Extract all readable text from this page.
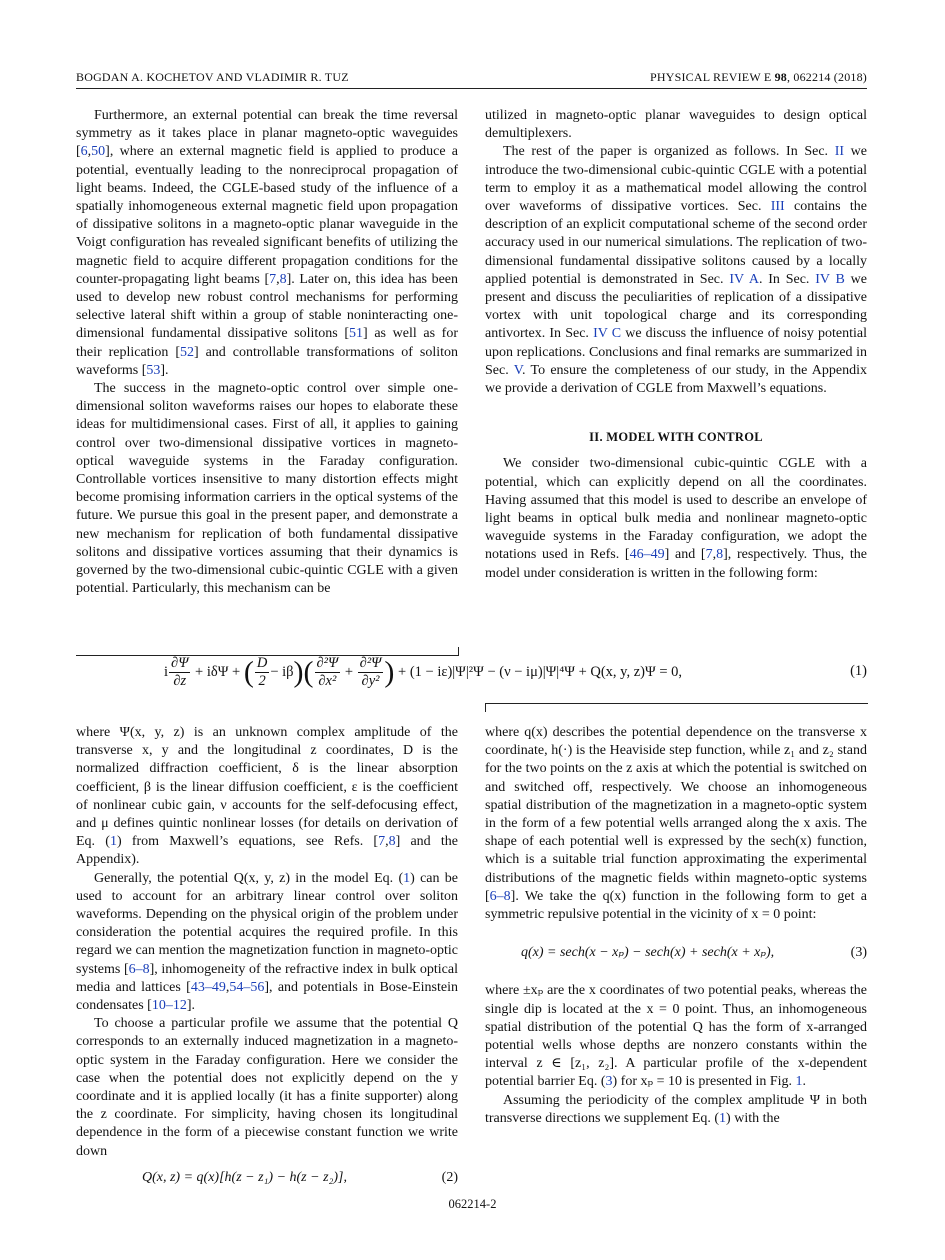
BOGDAN A. KOCHETOV AND VLADIMIR R. TUZ	PHYSICAL REVIEW E 98, 062214 (2018)

Furthermore, an external potential can break the time reversal symmetry as it takes place in planar magneto-optic waveguides [6,50], where an external magnetic field is applied to produce a potential, eventually leading to the nonreciprocal propagation of light beams. Indeed, the CGLE-based study of the influence of a spatially inhomogeneous external magnetic field upon propagation of dissipative solitons in a magneto-optic planar waveguide in the Voigt configuration has revealed significant benefits of utilizing the magnetic field to acquire different propagation conditions for the counter-propagating light beams [7,8]. Later on, this idea has been used to develop new robust control mechanisms for performing selective lateral shift within a group of stable noninteracting one-dimensional fundamental dissipative solitons [51] as well as for their replication [52] and controllable transformations of soliton waveforms [53].

The success in the magneto-optic control over simple one-dimensional soliton waveforms raises our hopes to elaborate these ideas for multidimensional cases. First of all, it applies to gaining control over two-dimensional dissipative vortices in magneto-optical waveguide systems in the Faraday configuration. Controllable vortices insensitive to many distortion effects might become promising information carriers in the optical systems of the future. We pursue this goal in the present paper, and demonstrate a new mechanism for replication of both fundamental dissipative solitons and dissipative vortices assuming that their dynamics is governed by the two-dimensional cubic-quintic CGLE with a given potential. Particularly, this mechanism can be

utilized in magneto-optic planar waveguides to design optical demultiplexers.

The rest of the paper is organized as follows. In Sec. II we introduce the two-dimensional cubic-quintic CGLE with a potential term to employ it as a mathematical model allowing the control over waveforms of dissipative vortices. Sec. III contains the description of an explicit computational scheme of the second order accuracy used in our numerical simulations. The replication of two-dimensional fundamental dissipative solitons caused by a locally applied potential is demonstrated in Sec. IV A. In Sec. IV B we present and discuss the peculiarities of replication of a dissipative vortex with unit topological charge and its corresponding antivortex. In Sec. IV C we discuss the influence of noisy potential upon replications. Conclusions and final remarks are summarized in Sec. V. To ensure the completeness of our study, in the Appendix we provide a derivation of CGLE from Maxwell’s equations.

II. MODEL WITH CONTROL

We consider two-dimensional cubic-quintic CGLE with a potential, which can explicitly depend on all the coordinates. Having assumed that this model is used to describe an envelope of light beams in optical bulk media and nonlinear magneto-optic waveguide systems in the Faraday configuration, we adopt the notations used in Refs. [46–49] and [7,8], respectively. Thus, the model under consideration is written in the following form:

i $\frac{\partial\Psi}{\partial z} + i\delta\Psi$ + ( $\frac{D}{2} - i\beta)( \frac{\text{∂²Ψ}}{\text{∂x²}} + \frac{\text{∂²Ψ}}{\text{∂y²}}$ ) + (1 − iε)|Ψ|²Ψ − (ν − iμ)|Ψ|⁴Ψ + Q(x, y, z)Ψ = 0,	(1)

where Ψ(x, y, z) is an unknown complex amplitude of the transverse x, y and the longitudinal z coordinates, D is the normalized diffraction coefficient, δ is the linear absorption coefficient, β is the linear diffusion coefficient, ε is the coefficient of nonlinear cubic gain, ν accounts for the self-defocusing effect, and μ defines quintic nonlinear losses (for details on derivation of Eq. (1) from Maxwell’s equations, see Refs. [7,8] and the Appendix).

Generally, the potential Q(x, y, z) in the model Eq. (1) can be used to account for an arbitrary linear control over soliton waveforms. Depending on the physical origin of the problem under consideration the potential acquires the required profile. In this regard we can mention the magnetization function in magneto-optic systems [6–8], inhomogeneity of the refractive index in bulk optical media and lattices [43–49,54–56], and potentials in Bose-Einstein condensates [10–12].

To choose a particular profile we assume that the potential Q corresponds to an externally induced magnetization in a magneto-optic system in the Faraday configuration. Here we consider the case when the potential does not explicitly depend on the y coordinate and it is applied locally (it has a finite supporter) along the z coordinate. For simplicity, having chosen its longitudinal dependence in the form of a piecewise constant function we write down

Q(x, z) = q(x)[h(z − z₁) − h(z − z₂)],	(2)

where q(x) describes the potential dependence on the transverse x coordinate, h(·) is the Heaviside step function, while z₁ and z₂ stand for the two points on the z axis at which the potential is switched on and switched off, respectively. We choose an inhomogeneous spatial distribution of the magnetization in a magneto-optic system in the form of a few potential wells arranged along the x axis. The shape of each potential well is expressed by the sech(x) function, which is a suitable trial function approximating the experimental distributions of the magnetic fields within magneto-optic systems [6–8]. We take the q(x) function in the following form to get a symmetric repulsive potential in the vicinity of x = 0 point:

q(x) = sech(x − xₚ) − sech(x) + sech(x + xₚ),	(3)

where ±xₚ are the x coordinates of two potential peaks, whereas the single dip is located at the x = 0 point. Thus, an inhomogeneous spatial distribution of the potential Q has the form of x-arranged potential wells whose depths are nonzero constants within the interval z ∈ [z₁, z₂]. A particular profile of the x-dependent potential barrier Eq. (3) for xₚ = 10 is presented in Fig. 1.

Assuming the periodicity of the complex amplitude Ψ in both transverse directions we supplement Eq. (1) with the

062214-2
